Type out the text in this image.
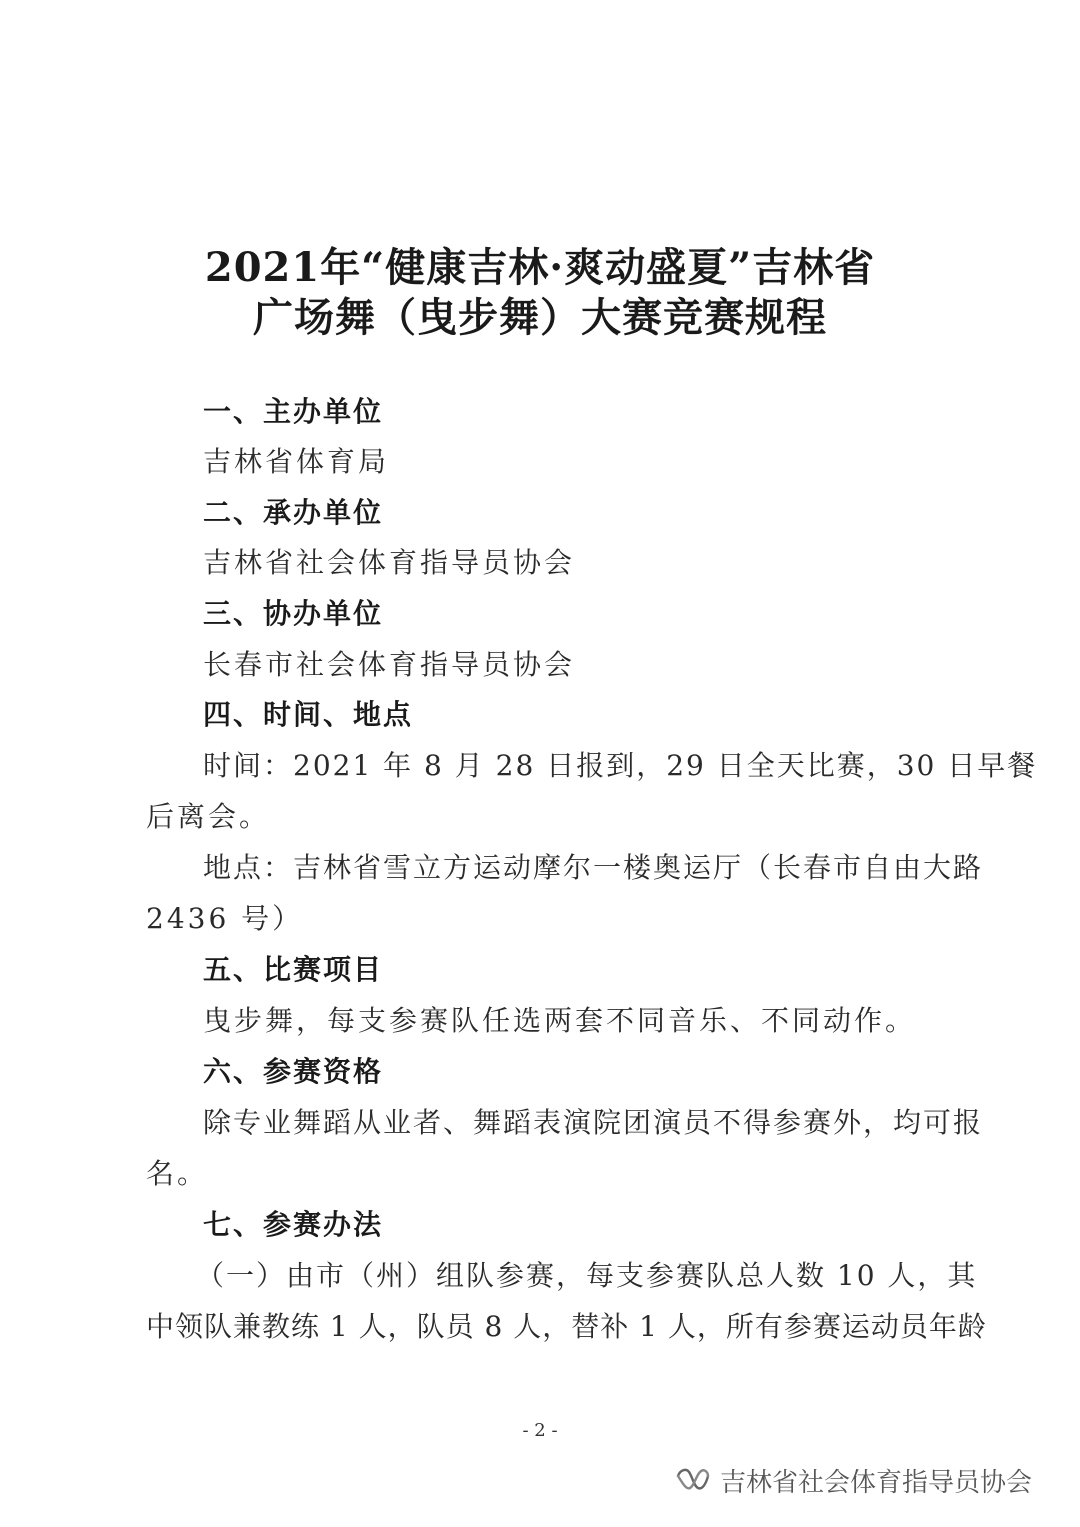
2021年“健康吉林·爽动盛夏”吉林省
广场舞（曳步舞）大赛竞赛规程
一、主办单位
吉林省体育局
二、承办单位
吉林省社会体育指导员协会
三、协办单位
长春市社会体育指导员协会
四、时间、地点
时间：2021 年 8 月 28 日报到，29 日全天比赛，30 日早餐
后离会。
地点：吉林省雪立方运动摩尔一楼奥运厅（长春市自由大路
2436 号）
五、比赛项目
曳步舞，每支参赛队任选两套不同音乐、不同动作。
六、参赛资格
除专业舞蹈从业者、舞蹈表演院团演员不得参赛外，均可报
名。
七、参赛办法
（一）由市（州）组队参赛，每支参赛队总人数 10 人，其
中领队兼教练 1 人，队员 8 人，替补 1 人，所有参赛运动员年龄
- 2 -
吉林省社会体育指导员协会
